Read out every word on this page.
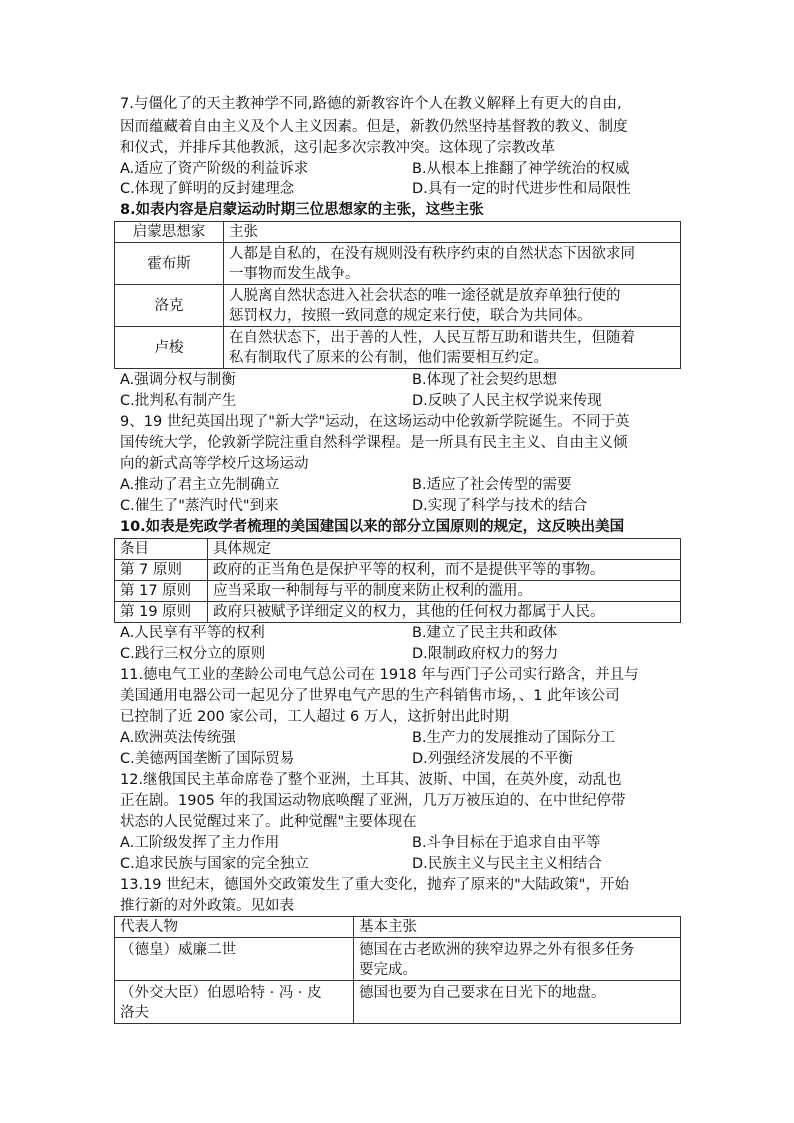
7.与僵化了的天主教神学不同,路德的新教容许个人在教义解释上有更大的自由,

因而蕴藏着自由主义及个人主义因素。但是，新教仍然坚持基督教的教义、制度

和仪式，并排斥其他教派，这引起多次宗教冲突。这体现了宗教改革

A.适应了资产阶级的利益诉求	B.从根本上推翻了神学统治的权威

C.体现了鲜明的反封建理念	D.具有一定的时代进步性和局限性

8.如表内容是启蒙运动时期三位思想家的主张，这些主张

启蒙思想家	主张
霍布斯	人都是自私的，在没有规则没有秩序约束的自然状态下因欲求同
一事物而发生战争。

洛克	人脱离自然状态进入社会状态的唯一途径就是放弃单独行使的
惩罚权力，按照一致同意的规定来行使，联合为共同体。

卢梭	在自然状态下，出于善的人性，人民互帮互助和谐共生，但随着
私有制取代了原来的公有制，他们需要相互约定。

A.强调分权与制衡	B.体现了社会契约思想

C.批判私有制产生	D.反映了人民主权学说来传现

9、19 世纪英国出现了"新大学"运动，在这场运动中伦敦新学院诞生。不同于英

国传统大学，伦敦新学院注重自然科学课程。是一所具有民主主义、自由主义倾

向的新式高等学校斤这场运动

A.推动了君主立先制确立	B.适应了社会传型的需要

C.催生了"蒸汽时代"到来	D.实现了科学与技术的结合

10.如表是宪政学者梳理的美国建国以来的部分立国原则的规定，这反映出美国

条目	具体规定
第 7 原则	政府的正当角色是保护平等的权利，而不是提供平等的事物。
第 17 原则	应当采取一种制每与平的制度来防止权利的滥用。
第 19 原则	政府只被赋予详细定义的权力，其他的任何权力都属于人民。

A.人民享有平等的权利	B.建立了民主共和政体

C.践行三权分立的原则	D.限制政府权力的努力

11.德电气工业的垄龄公司电气总公司在 1918 年与西门子公司实行路含，并且与

美国通用电器公司一起见分了世界电气产思的生产科销售市场，、1 此年该公司

已控制了近 200 家公司，工人超过 6 万人，这折射出此时期

A.欧洲英法传统强	B.生产力的发展推动了国际分工

C.美德两国垄断了国际贸易	D.列强经济发展的不平衡

12.继俄国民主革命席卷了整个亚洲，土耳其、波斯、中国，在英外度，动乱也

正在剧。1905 年的我国运动物底唤醒了亚洲，几万万被压迫的、在中世纪停带

状态的人民觉醒过来了。此种觉醒"主要体现在

A.工阶级发挥了主力作用	B.斗争目标在于追求自由平等

C.追求民族与国家的完全独立	D.民族主义与民主主义相结合

13.19 世纪末，德国外交政策发生了重大变化，抛弃了原来的"大陆政策"，开始

推行新的对外政策。见如表

代表人物	基本主张

（德皇）威廉二世	德国在古老欧洲的狭窄边界之外有很多任务
要完成。

（外交大臣）伯恩哈特 · 冯 · 皮
洛夫	德国也要为自己要求在日光下的地盘。
